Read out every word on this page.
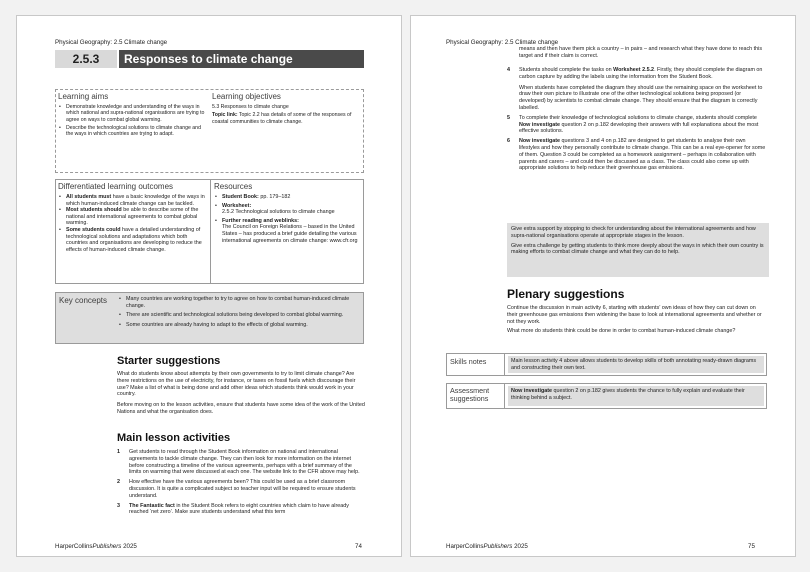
Physical Geography: 2.5 Climate change
2.5.3	Responses to climate change
Learning aims
• Demonstrate knowledge and understanding of the ways in which national and supra-national organisations are trying to agree on ways to combat global warming.
• Describe the technological solutions to climate change and the ways in which countries are trying to adapt.
Learning objectives
5.3 Responses to climate change
Topic link: Topic 2.2 has details of some of the responses of coastal communities to climate change.
Differentiated learning outcomes
• All students must have a basic knowledge of the ways in which human-induced climate change can be tackled.
• Most students should be able to describe some of the national and international agreements to combat global warming.
• Some students could have a detailed understanding of technological solutions and adaptations which both countries and organisations are developing to reduce the effects of human-induced climate change.
Resources
• Student Book: pp. 179–182
• Worksheet:
2.5.2 Technological solutions to climate change
• Further reading and weblinks:
The Council on Foreign Relations – based in the United States – has produced a brief guide detailing the various international agreements on climate change: www.cfr.org
Key concepts
•	Many countries are working together to try to agree on how to combat human-induced climate change.
• There are scientific and technological solutions being developed to combat global warming.
• Some countries are already having to adapt to the effects of global warming.
Starter suggestions

What do students know about attempts by their own governments to try to limit climate change? Are there restrictions on the use of electricity, for instance, or taxes on fossil fuels which discourage their use? Make a list of what is being done and add other ideas which students think would work in your country.

Before moving on to the lesson activities, ensure that students have some idea of the work of the United Nations and what the organisation does.

Main lesson activities
1 Get students to read through the Student Book information on national and international agreements to tackle climate change. They can then look for more information on the internet before constructing a timeline of the various agreements, perhaps with a brief summary of the limits on warming that were discussed at each one. The website link to the CFR above may help.
2 How effective have the various agreements been? This could be used as a brief classroom discussion. It is quite a complicated subject so teacher input will be required to ensure students understand.
3 The Fantastic fact in the Student Book refers to eight countries which claim to have already reached ‘net zero’. Make sure students understand what this term
HarperCollinsPublishers 2025	74
Physical Geography: 2.5 Climate change
means and then have them pick a country – in pairs – and research what they have done to reach this target and if their claim is correct.
4 Students should complete the tasks on Worksheet 2.5.2. Firstly, they should complete the diagram on carbon capture by adding the labels using the information from the Student Book.

When students have completed the diagram they should use the remaining space on the worksheet to draw their own picture to illustrate one of the other technological solutions being proposed (or developed) by scientists to combat climate change. They should ensure that the diagram is correctly labelled.

5 To complete their knowledge of technological solutions to climate change, students should complete Now investigate question 2 on p.182 developing their answers with full explanations about the most effective solutions.
6 Now investigate questions 3 and 4 on p.182 are designed to get students to analyse their own lifestyles and how they personally contribute to climate change. This can be a real eye-opener for some of them. Question 3 could be completed as a homework assignment – perhaps in collaboration with parents and carers – and could then be discussed as a class. The class could also come up with appropriate solutions to help reduce their greenhouse gas emissions.

Give extra support by stopping to check for understanding about the international agreements and how supra-national organisations operate at appropriate stages in the lesson.

Give extra challenge by getting students to think more deeply about the ways in which their own country is making efforts to combat climate change and what they can do to help.

Plenary suggestions

Continue the discussion in main activity 6, starting with students’ own ideas of how they can cut down on their greenhouse gas emissions then widening the base to look at international agreements and whether or not they work.

What more do students think could be done in order to combat human-induced climate change?

Skills notes	Main lesson activity 4 above allows students to develop skills of both annotating ready-drawn diagrams and constructing their own text.
Assessment suggestions
Now investigate question 2 on p.182 gives students the chance to fully explain and evaluate their thinking behind a subject.
HarperCollinsPublishers 2025	75
